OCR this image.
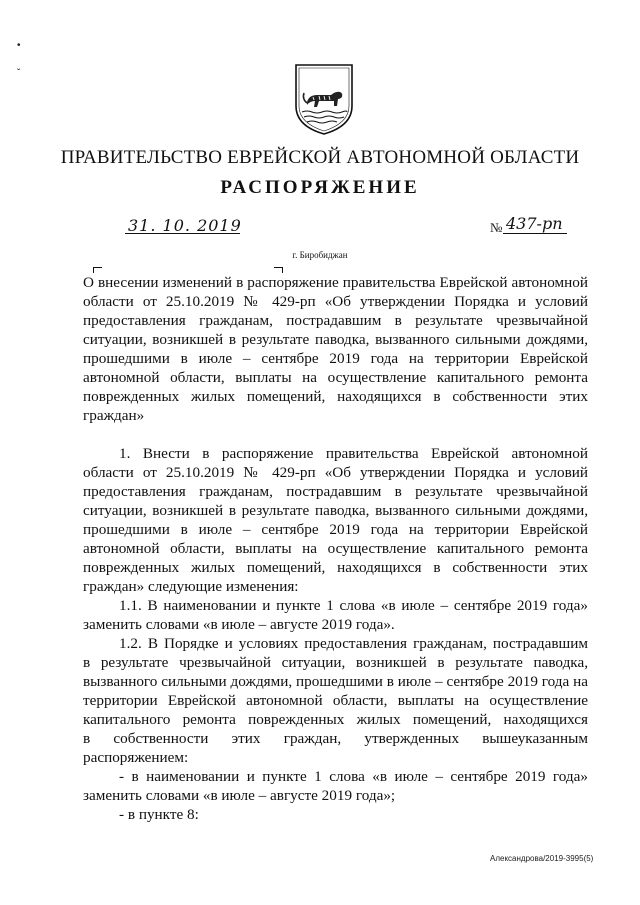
•
ˇ
ПРАВИТЕЛЬСТВО ЕВРЕЙСКОЙ АВТОНОМНОЙ ОБЛАСТИ
РАСПОРЯЖЕНИЕ
31. 10. 2019	№ 437-рп
г. Биробиджан
О внесении изменений в распоряжение правительства Еврейской автономной
области от 25.10.2019 № 429-рп «Об утверждении Порядка и условий
предоставления гражданам, пострадавшим в результате чрезвычайной
ситуации, возникшей в результате паводка, вызванного сильными дождями,
прошедшими в июле – сентябре 2019 года на территории Еврейской
автономной области, выплаты на осуществление капитального ремонта
поврежденных жилых помещений, находящихся в собственности этих
граждан»
1. Внести в распоряжение правительства Еврейской автономной
области от 25.10.2019 № 429-рп «Об утверждении Порядка и условий
предоставления гражданам, пострадавшим в результате чрезвычайной
ситуации, возникшей в результате паводка, вызванного сильными дождями,
прошедшими в июле – сентябре 2019 года на территории Еврейской
автономной области, выплаты на осуществление капитального ремонта
поврежденных жилых помещений, находящихся в собственности этих
граждан» следующие изменения:
1.1. В наименовании и пункте 1 слова «в июле – сентябре 2019 года»
заменить словами «в июле – августе 2019 года».
1.2. В Порядке и условиях предоставления гражданам, пострадавшим
в результате чрезвычайной ситуации, возникшей в результате паводка,
вызванного сильными дождями, прошедшими в июле – сентябре 2019 года на
территории Еврейской автономной области, выплаты на осуществление
капитального ремонта поврежденных жилых помещений, находящихся
в собственности этих граждан, утвержденных вышеуказанным
распоряжением:
- в наименовании и пункте 1 слова «в июле – сентябре 2019 года»
заменить словами «в июле – августе 2019 года»;
- в пункте 8:
Александрова/2019-3995(5)
